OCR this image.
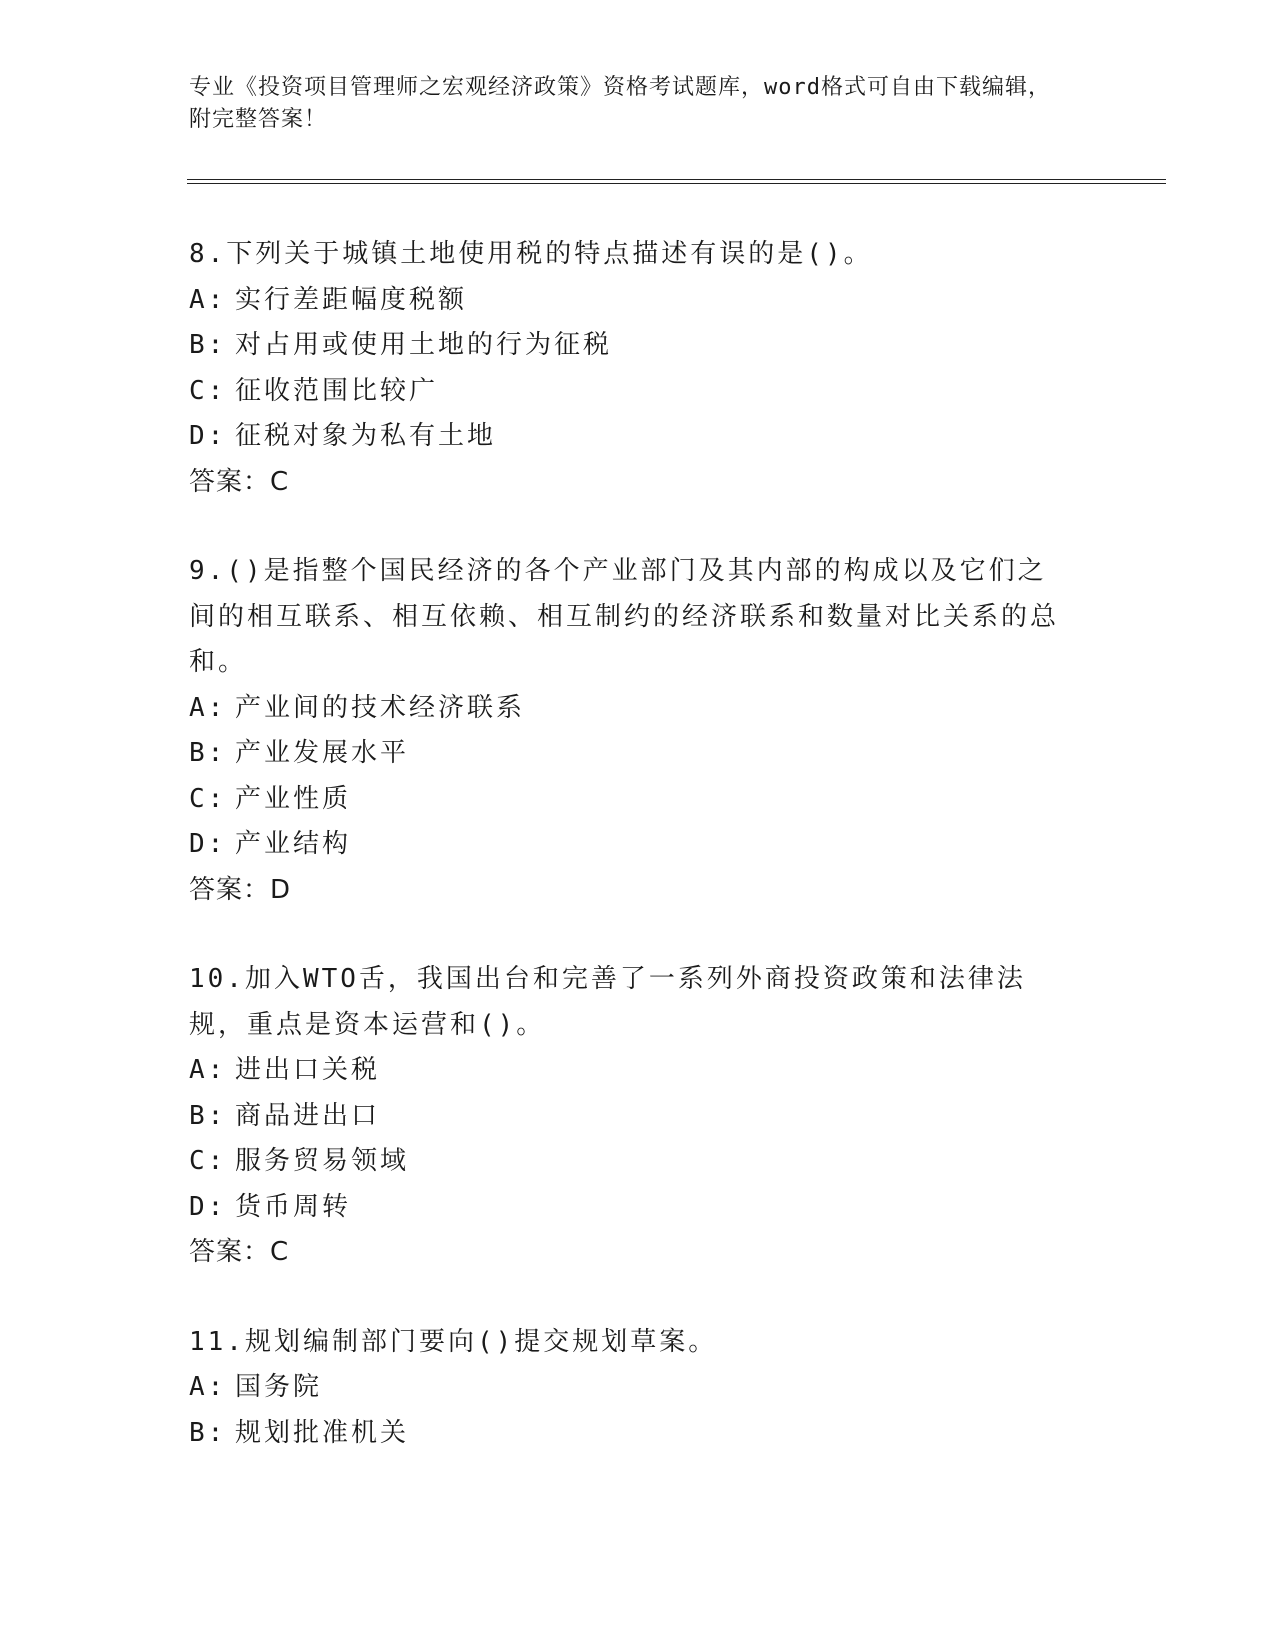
专业《投资项目管理师之宏观经济政策》资格考试题库，word格式可自由下载编辑，附完整答案！
8.下列关于城镇土地使用税的特点描述有误的是()。
A: 实行差距幅度税额
B: 对占用或使用土地的行为征税
C: 征收范围比较广
D: 征税对象为私有土地
答案：C
9.()是指整个国民经济的各个产业部门及其内部的构成以及它们之间的相互联系、相互依赖、相互制约的经济联系和数量对比关系的总和。
A: 产业间的技术经济联系
B: 产业发展水平
C: 产业性质
D: 产业结构
答案：D
10.加入WTO舌，我国出台和完善了一系列外商投资政策和法律法规，重点是资本运营和()。
A: 进出口关税
B: 商品进出口
C: 服务贸易领域
D: 货币周转
答案：C
11.规划编制部门要向()提交规划草案。
A: 国务院
B: 规划批准机关
